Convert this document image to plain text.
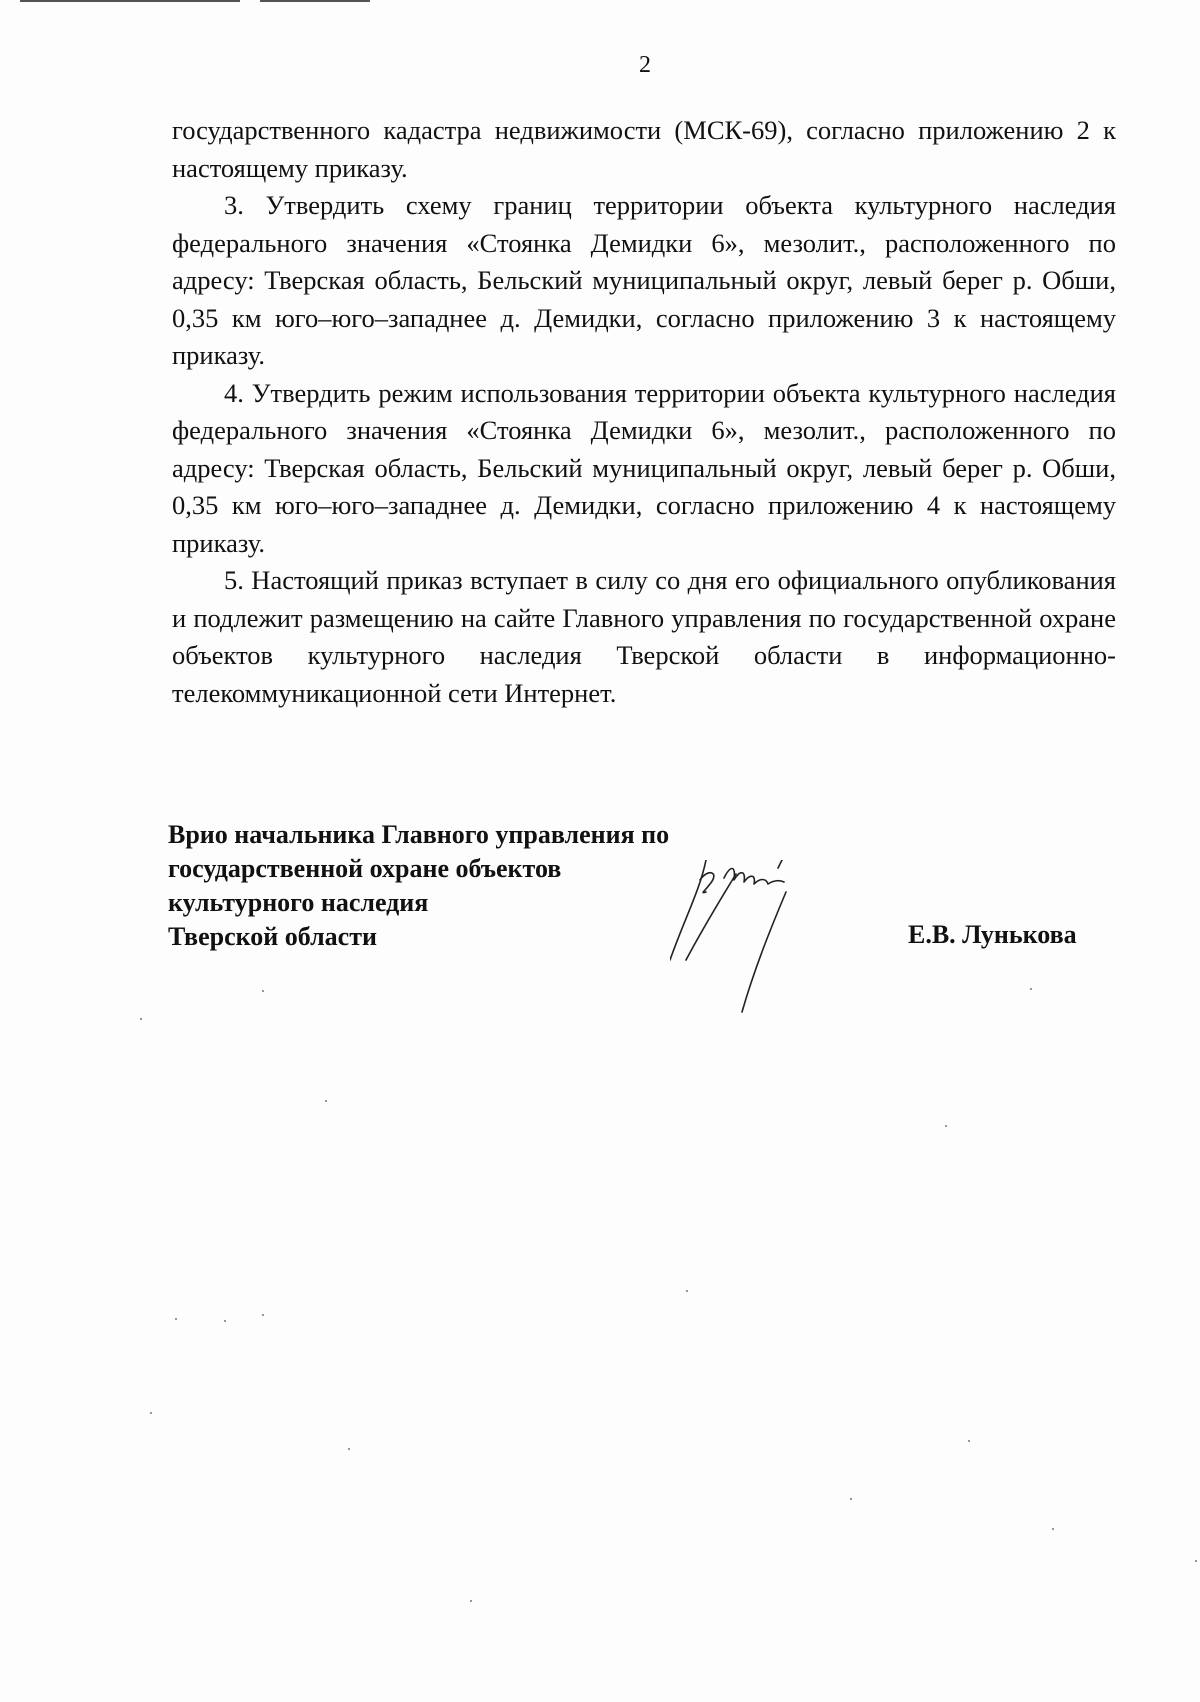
2

государственного кадастра недвижимости (МСК-69), согласно приложению 2 к настоящему приказу.

3. Утвердить схему границ территории объекта культурного наследия федерального значения «Стоянка Демидки 6», мезолит., расположенного по адресу: Тверская область, Бельский муниципальный округ, левый берег р. Обши, 0,35 км юго–юго–западнее д. Демидки, согласно приложению 3 к настоящему приказу.

4. Утвердить режим использования территории объекта культурного наследия федерального значения «Стоянка Демидки 6», мезолит., расположенного по адресу: Тверская область, Бельский муниципальный округ, левый берег р. Обши, 0,35 км юго–юго–западнее д. Демидки, согласно приложению 4 к настоящему приказу.

5. Настоящий приказ вступает в силу со дня его официального опубликования и подлежит размещению на сайте Главного управления по государственной охране объектов культурного наследия Тверской области в информационно-телекоммуникационной сети Интернет.

Врио начальника Главного управления по
государственной охране объектов
культурного наследия
Тверской области	Е.В. Лунькова
